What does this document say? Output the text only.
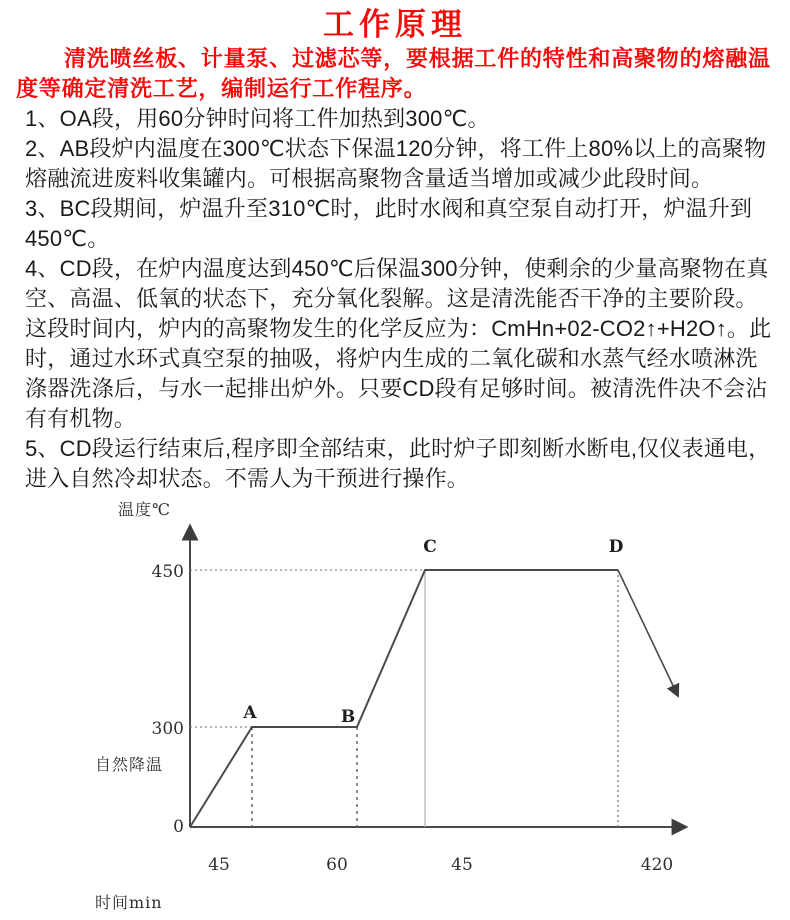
工作原理
清洗喷丝板、计量泵、过滤芯等，要根据工件的特性和高聚物的熔融温
度等确定清洗工艺，编制运行工作程序。
1、OA段，用60分钟时问将工件加热到300℃。
2、AB段炉内温度在300℃状态下保温120分钟，将工件上80%以上的高聚物
熔融流进废料收集罐内。可根据高聚物含量适当增加或减少此段时间。
3、BC段期间，炉温升至310℃时，此时水阀和真空泵自动打开，炉温升到
450℃。
4、CD段，在炉内温度达到450℃后保温300分钟，使剩余的少量高聚物在真
空、高温、低氧的状态下，充分氧化裂解。这是清洗能否干净的主要阶段。
这段时间内，炉内的高聚物发生的化学反应为：CmHn+02-CO2↑+H2O↑。此
时，通过水环式真空泵的抽吸，将炉内生成的二氧化碳和水蒸气经水喷淋洗
涤器洗涤后，与水一起排出炉外。只要CD段有足够时间。被清洗件决不会沾
有有机物。
5、CD段运行结束后,程序即全部结束，此时炉子即刻断水断电,仅仪表通电，
进入自然冷却状态。不需人为干预进行操作。
温度℃
450
300
0
自然降温
A	B
C	D
45	60	45	420
时间min
